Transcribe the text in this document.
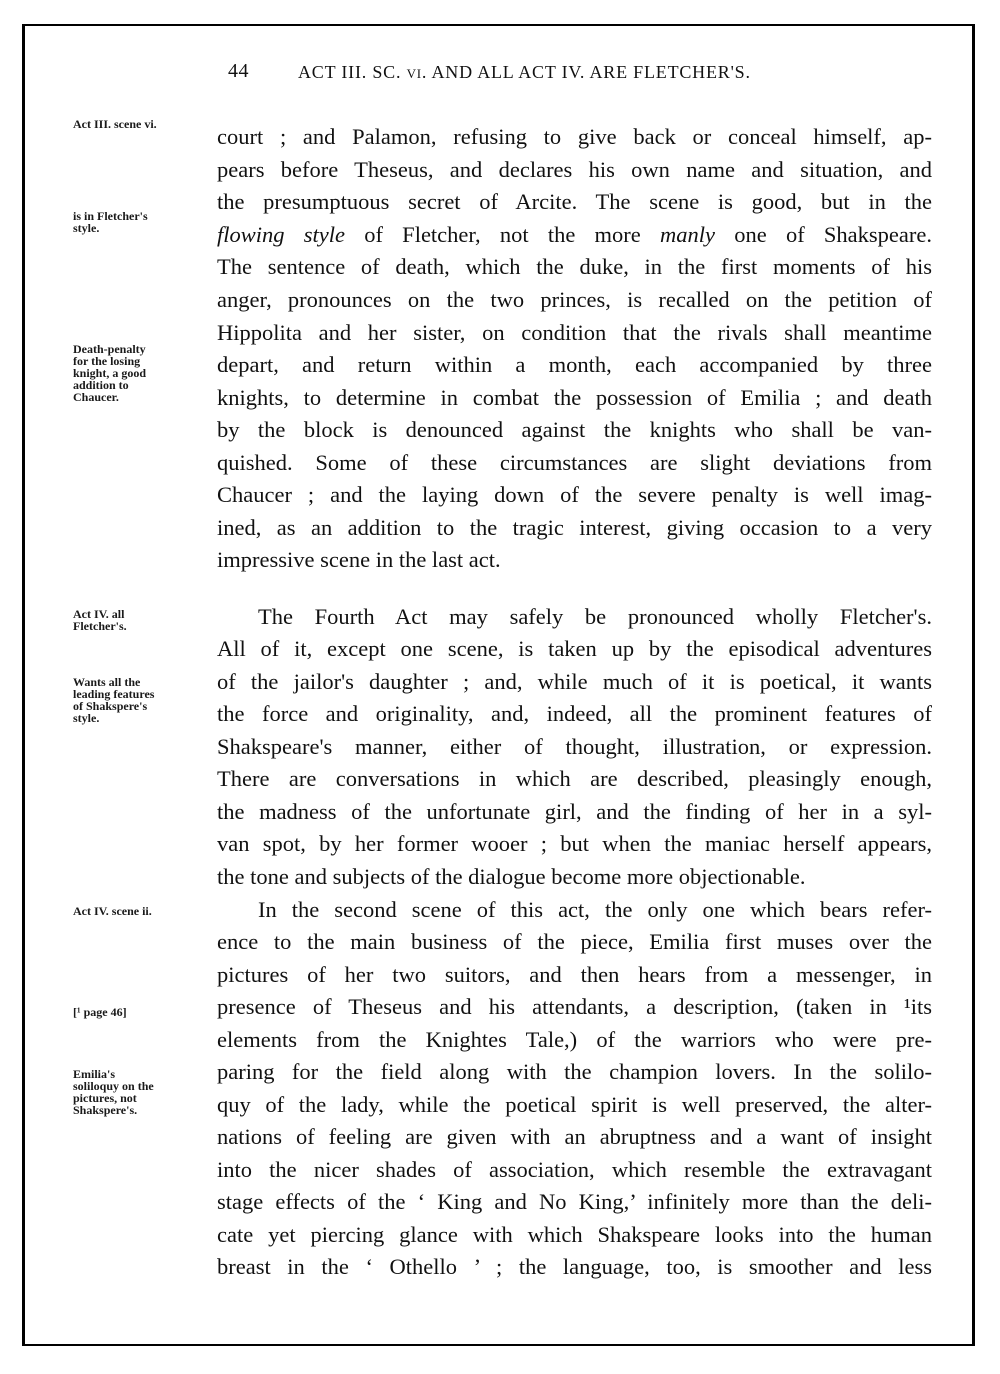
44	ACT III. SC. vi. AND ALL ACT IV. ARE FLETCHER'S.
Act III. scene vi.
is in Fletcher's
style.
Death-penalty
for the losing
knight, a good
addition to
Chaucer.
Act IV. all
Fletcher's.
Wants all the
leading features
of Shakspere's
style.
Act IV. scene ii.
[¹ page 46]
Emilia's
soliloquy on the
pictures, not
Shakspere's.
court ; and Palamon, refusing to give back or conceal himself, ap-
pears before Theseus, and declares his own name and situation, and
the presumptuous secret of Arcite. The scene is good, but in the
flowing style of Fletcher, not the more manly one of Shakspeare.
The sentence of death, which the duke, in the first moments of his
anger, pronounces on the two princes, is recalled on the petition of
Hippolita and her sister, on condition that the rivals shall meantime
depart, and return within a month, each accompanied by three
knights, to determine in combat the possession of Emilia ; and death
by the block is denounced against the knights who shall be van-
quished. Some of these circumstances are slight deviations from
Chaucer ; and the laying down of the severe penalty is well imag-
ined, as an addition to the tragic interest, giving occasion to a very
impressive scene in the last act.
The Fourth Act may safely be pronounced wholly Fletcher's.
All of it, except one scene, is taken up by the episodical adventures
of the jailor's daughter ; and, while much of it is poetical, it wants
the force and originality, and, indeed, all the prominent features of
Shakspeare's manner, either of thought, illustration, or expression.
There are conversations in which are described, pleasingly enough,
the madness of the unfortunate girl, and the finding of her in a syl-
van spot, by her former wooer ; but when the maniac herself appears,
the tone and subjects of the dialogue become more objectionable.
In the second scene of this act, the only one which bears refer-
ence to the main business of the piece, Emilia first muses over the
pictures of her two suitors, and then hears from a messenger, in
presence of Theseus and his attendants, a description, (taken in ¹its
elements from the Knightes Tale,) of the warriors who were pre-
paring for the field along with the champion lovers. In the solilo-
quy of the lady, while the poetical spirit is well preserved, the alter-
nations of feeling are given with an abruptness and a want of insight
into the nicer shades of association, which resemble the extravagant
stage effects of the ‘ King and No King,’ infinitely more than the deli-
cate yet piercing glance with which Shakspeare looks into the human
breast in the ‘ Othello ’ ; the language, too, is smoother and less
